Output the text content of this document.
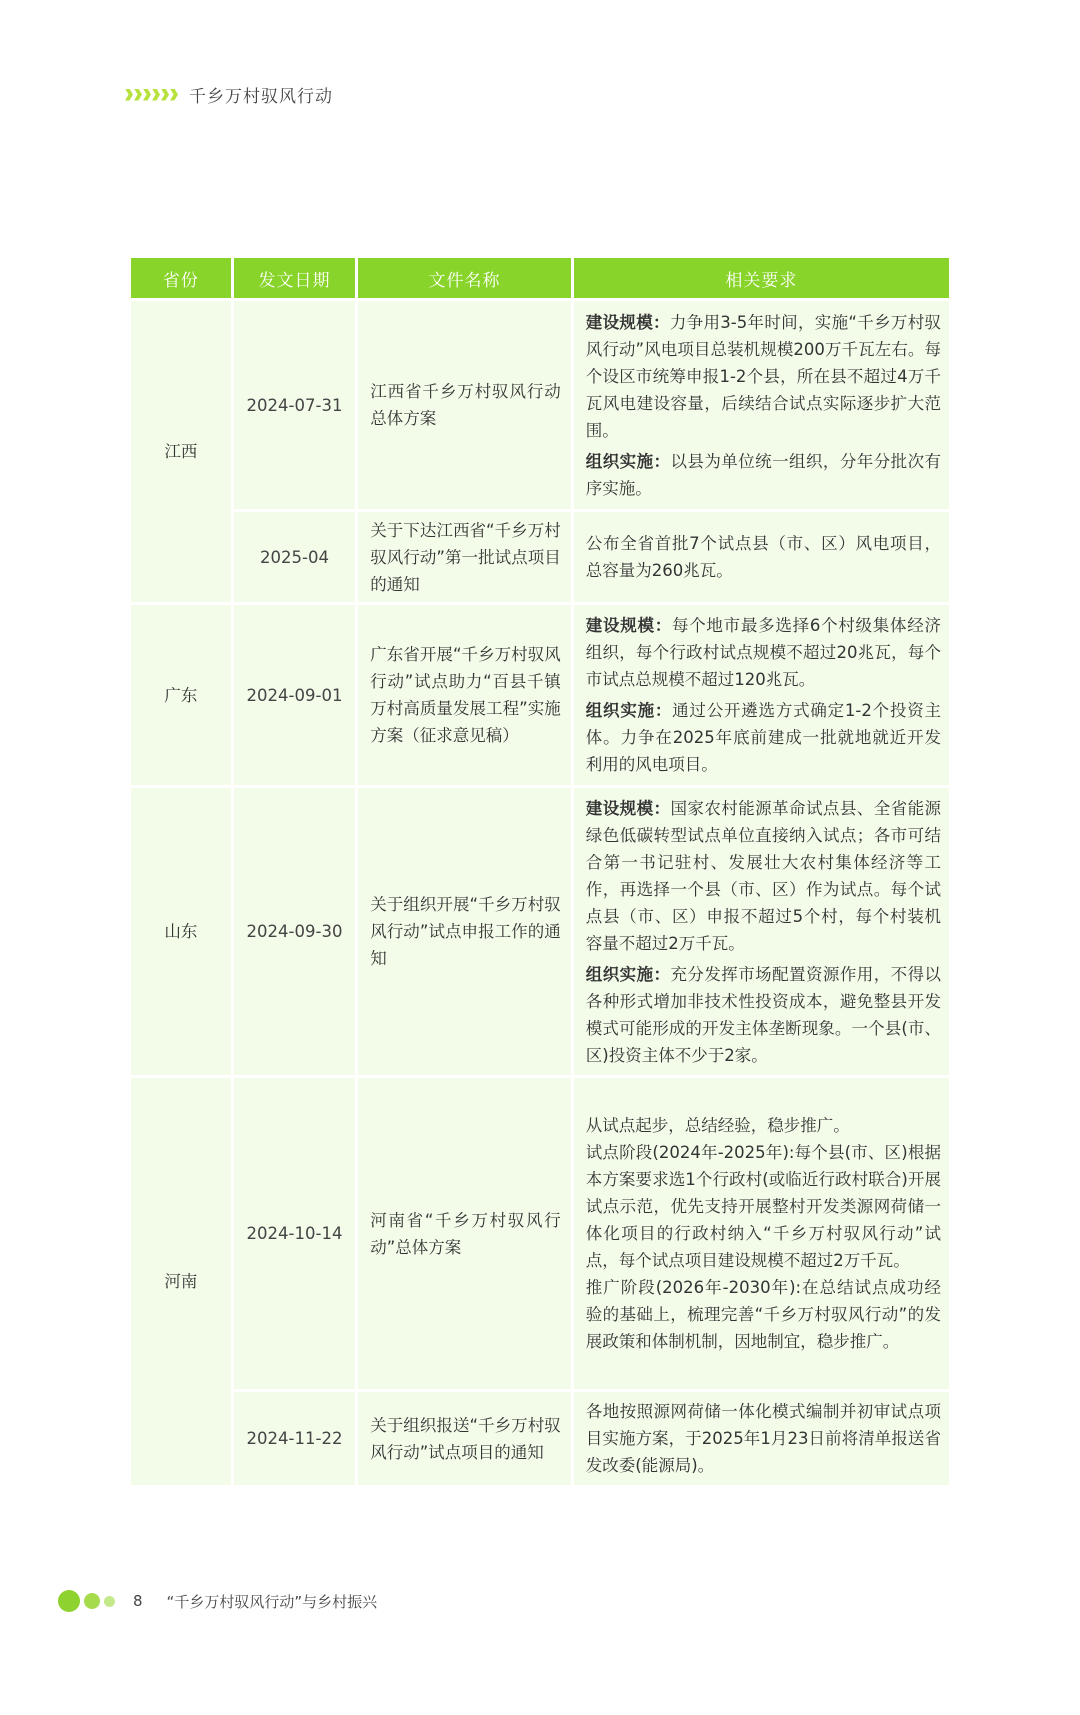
千乡万村驭风行动
省份	发文日期	文件名称	相关要求
江西	2024-07-31	江西省千乡万村驭风行动总体方案	建设规模：力争用3-5年时间，实施“千乡万村驭风行动”风电项目总装机规模200万千瓦左右。每个设区市统筹申报1-2个县，所在县不超过4万千瓦风电建设容量，后续结合试点实际逐步扩大范围。

组织实施：以县为单位统一组织，分年分批次有序实施。

	2025-04	关于下达江西省“千乡万村驭风行动”第一批试点项目的通知	公布全省首批7个试点县（市、区）风电项目，总容量为260兆瓦。

广东	2024-09-01	广东省开展“千乡万村驭风行动”试点助力“百县千镇万村高质量发展工程”实施方案（征求意见稿）	建设规模：每个地市最多选择6个村级集体经济组织，每个行政村试点规模不超过20兆瓦，每个市试点总规模不超过120兆瓦。

组织实施：通过公开遴选方式确定1-2个投资主体。力争在2025年底前建成一批就地就近开发利用的风电项目。

山东	2024-09-30	关于组织开展“千乡万村驭风行动”试点申报工作的通知	建设规模：国家农村能源革命试点县、全省能源绿色低碳转型试点单位直接纳入试点；各市可结合第一书记驻村、发展壮大农村集体经济等工作，再选择一个县（市、区）作为试点。每个试点县（市、区）申报不超过5个村，每个村装机容量不超过2万千瓦。

组织实施：充分发挥市场配置资源作用，不得以各种形式增加非技术性投资成本，避免整县开发模式可能形成的开发主体垄断现象。一个县(市、区)投资主体不少于2家。

河南	2024-10-14	河南省“千乡万村驭风行动”总体方案	从试点起步，总结经验，稳步推广。

试点阶段(2024年-2025年):每个县(市、区)根据本方案要求选1个行政村(或临近行政村联合)开展试点示范，优先支持开展整村开发类源网荷储一体化项目的行政村纳入“千乡万村驭风行动”试点，每个试点项目建设规模不超过2万千瓦。

推广阶段(2026年-2030年):在总结试点成功经验的基础上，梳理完善“千乡万村驭风行动”的发展政策和体制机制，因地制宜，稳步推广。

	2024-11-22	关于组织报送“千乡万村驭风行动”试点项目的通知	各地按照源网荷储一体化模式编制并初审试点项目实施方案，于2025年1月23日前将清单报送省发改委(能源局)。

8 “千乡万村驭风行动”与乡村振兴
